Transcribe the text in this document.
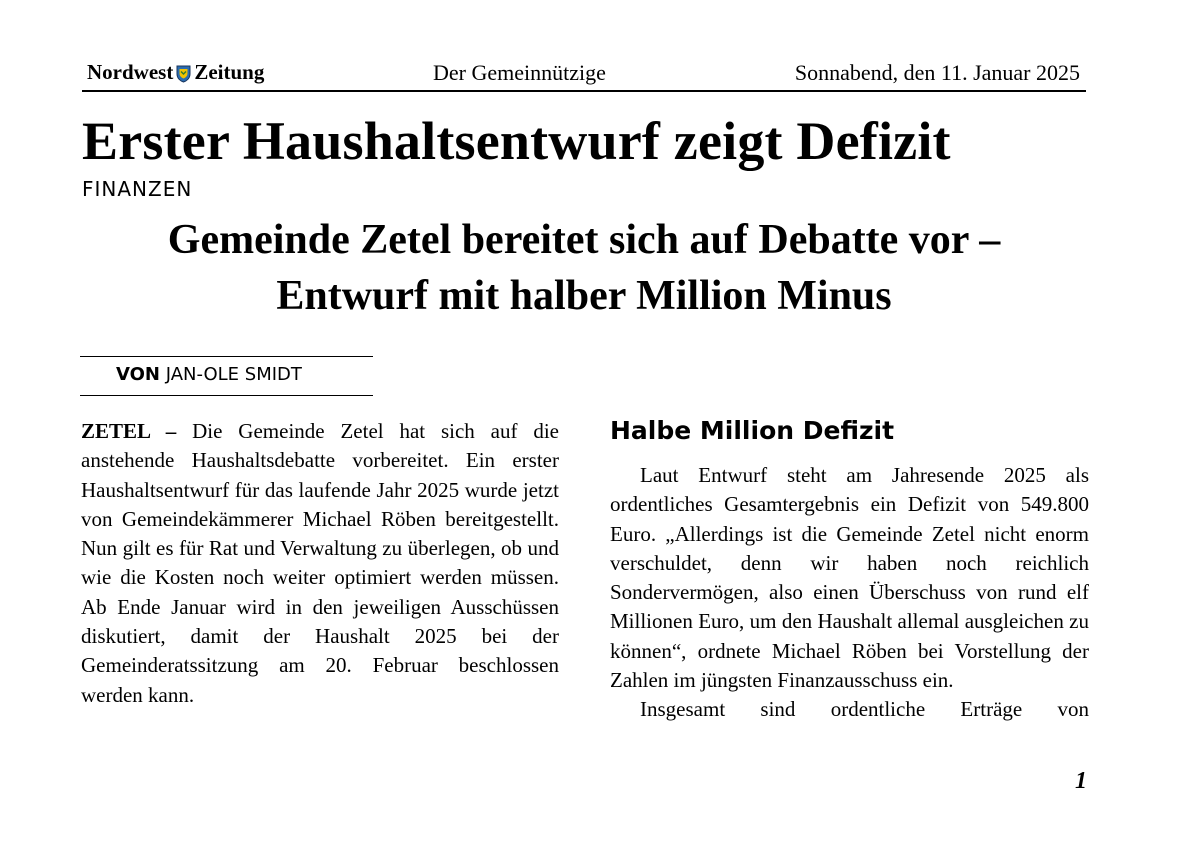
Nordwest Zeitung	Der Gemeinnützige	Sonnabend, den 11. Januar 2025
Erster Haushaltsentwurf zeigt Defizit
FINANZEN
Gemeinde Zetel bereitet sich auf Debatte vor –
Entwurf mit halber Million Minus
VON JAN-OLE SMIDT
ZETEL – Die Gemeinde Zetel hat sich auf die anstehende Haushaltsdebatte vorbereitet. Ein erster Haushaltsentwurf für das laufende Jahr 2025 wurde jetzt von Gemeindekämmerer Michael Röben bereitgestellt. Nun gilt es für Rat und Verwaltung zu überlegen, ob und wie die Kosten noch weiter optimiert werden müssen. Ab Ende Januar wird in den jeweiligen Ausschüssen diskutiert, damit der Haushalt 2025 bei der Gemeinderatssitzung am 20. Februar beschlossen werden kann.
Halbe Million Defizit
Laut Entwurf steht am Jahresende 2025 als ordentliches Gesamtergebnis ein Defizit von 549.800 Euro. „Allerdings ist die Gemeinde Zetel nicht enorm verschuldet, denn wir haben noch reichlich Sondervermögen, also einen Überschuss von rund elf Millionen Euro, um den Haushalt allemal ausgleichen zu können“, ordnete Michael Röben bei Vorstellung der Zahlen im jüngsten Finanzausschuss ein.
Insgesamt sind ordentliche Erträge von
1
